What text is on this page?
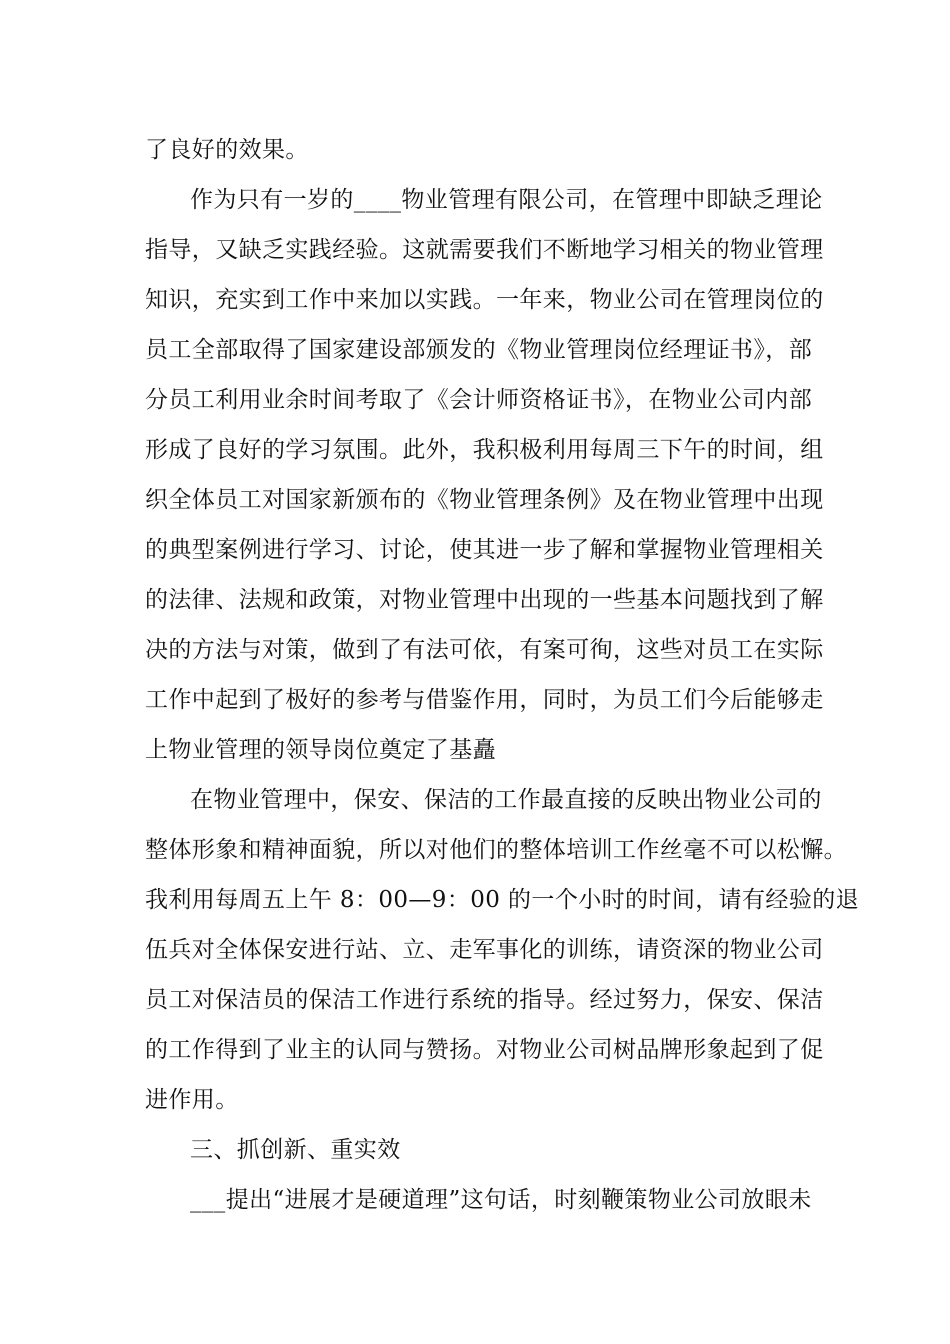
了良好的效果。
作为只有一岁的____物业管理有限公司，在管理中即缺乏理论
指导，又缺乏实践经验。这就需要我们不断地学习相关的物业管理
知识，充实到工作中来加以实践。一年来，物业公司在管理岗位的
员工全部取得了国家建设部颁发的《物业管理岗位经理证书》，部
分员工利用业余时间考取了《会计师资格证书》，在物业公司内部
形成了良好的学习氛围。此外，我积极利用每周三下午的时间，组
织全体员工对国家新颁布的《物业管理条例》及在物业管理中出现
的典型案例进行学习、讨论，使其进一步了解和掌握物业管理相关
的法律、法规和政策，对物业管理中出现的一些基本问题找到了解
决的方法与对策，做到了有法可依，有案可徇，这些对员工在实际
工作中起到了极好的参考与借鉴作用，同时，为员工们今后能够走
上物业管理的领导岗位奠定了基矗
在物业管理中，保安、保洁的工作最直接的反映出物业公司的
整体形象和精神面貌，所以对他们的整体培训工作丝毫不可以松懈。
我利用每周五上午 8：00—9：00 的一个小时的时间，请有经验的退
伍兵对全体保安进行站、立、走军事化的训练，请资深的物业公司
员工对保洁员的保洁工作进行系统的指导。经过努力，保安、保洁
的工作得到了业主的认同与赞扬。对物业公司树品牌形象起到了促
进作用。
三、抓创新、重实效
___提出“进展才是硬道理”这句话，时刻鞭策物业公司放眼未
